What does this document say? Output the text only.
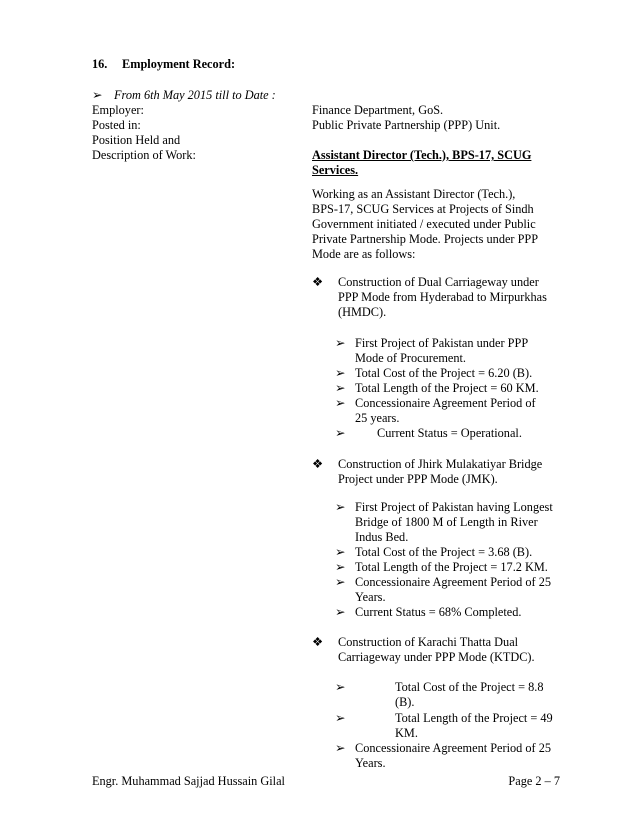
16. Employment Record:
➢ From 6th May 2015 till to Date :
Employer:	Finance Department, GoS.
Posted in:	Public Private Partnership (PPP) Unit.
Position Held and
Description of Work:	Assistant Director (Tech.), BPS-17, SCUG
Services.
Working as an Assistant Director (Tech.),
BPS-17, SCUG Services at Projects of Sindh
Government initiated / executed under Public
Private Partnership Mode. Projects under PPP
Mode are as follows:
❖	Construction of Dual Carriageway under
PPP Mode from Hyderabad to Mirpurkhas
(HMDC).
➢ First Project of Pakistan under PPP
Mode of Procurement.
➢ Total Cost of the Project = 6.20 (B).
➢ Total Length of the Project = 60 KM.
➢ Concessionaire Agreement Period of
25 years.
➢	Current Status = Operational.
❖	Construction of Jhirk Mulakatiyar Bridge
Project under PPP Mode (JMK).
➢ First Project of Pakistan having Longest
Bridge of 1800 M of Length in River
Indus Bed.
➢ Total Cost of the Project = 3.68 (B).
➢ Total Length of the Project = 17.2 KM.
➢ Concessionaire Agreement Period of 25
Years.
➢ Current Status = 68% Completed.
❖	Construction of Karachi Thatta Dual
Carriageway under PPP Mode (KTDC).
➢	Total Cost of the Project = 8.8
(B).
➢	Total Length of the Project = 49
KM.
➢ Concessionaire Agreement Period of 25
Years.
Engr. Muhammad Sajjad Hussain Gilal	Page 2 – 7
